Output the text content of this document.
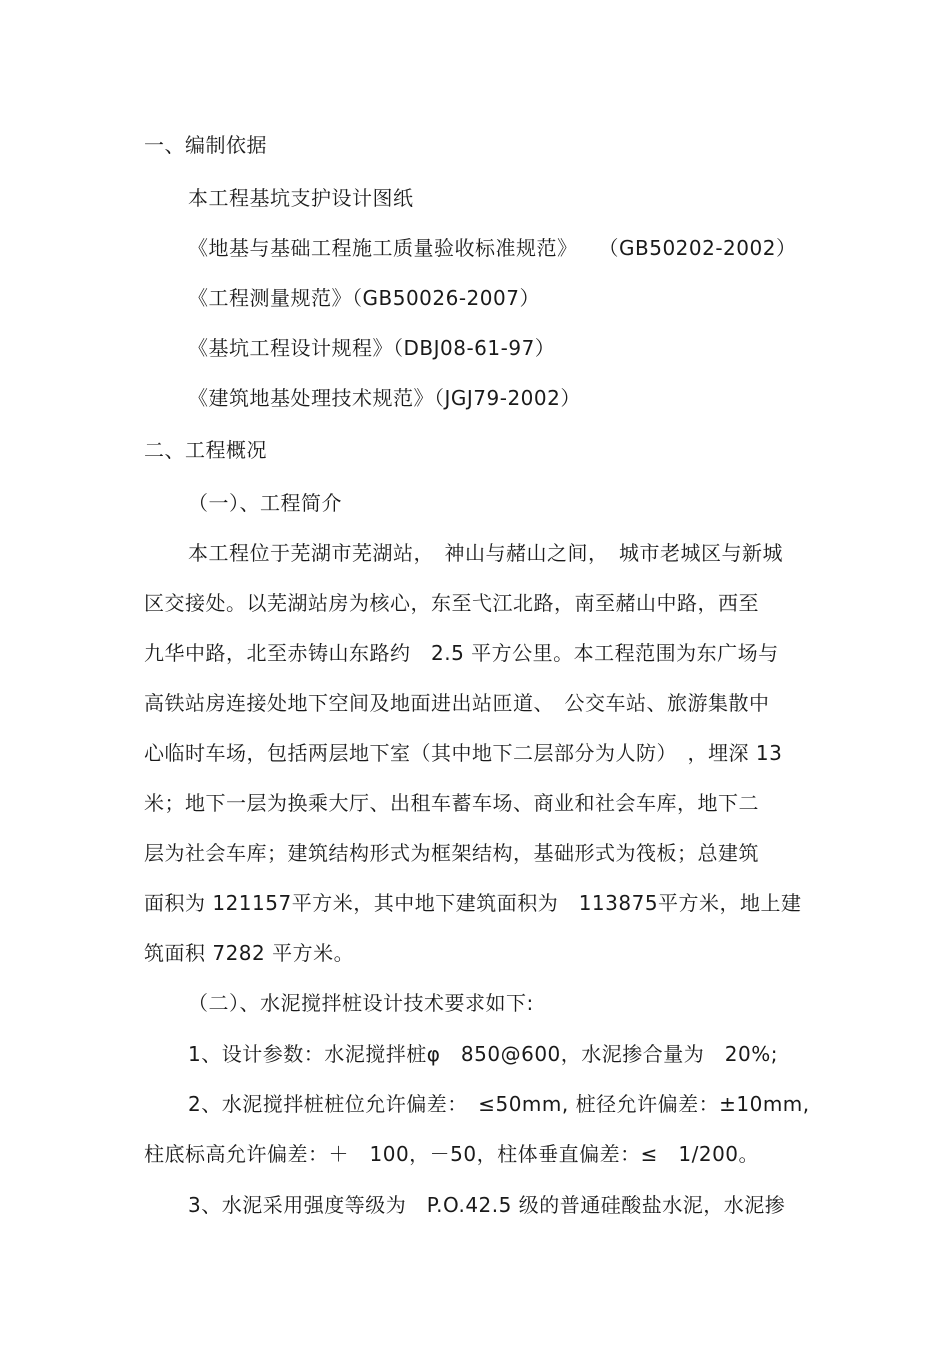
一、编制依据
本工程基坑支护设计图纸
《地基与基础工程施工质量验收标准规范》　　（GB50202-2002）
《工程测量规范》（GB50026-2007）
《基坑工程设计规程》（DBJ08-61-97）
《建筑地基处理技术规范》（JGJ79-2002）
二、工程概况
（一）、工程简介
本工程位于芜湖市芜湖站，　神山与赭山之间，　城市老城区与新城
区交接处。以芜湖站房为核心，东至弋江北路，南至赭山中路，西至
九华中路，北至赤铸山东路约　2.5 平方公里。本工程范围为东广场与
高铁站房连接处地下空间及地面进出站匝道、　公交车站、旅游集散中
心临时车场，包括两层地下室（其中地下二层部分为人防）　，埋深 13
米；地下一层为换乘大厅、出租车蓄车场、商业和社会车库，地下二
层为社会车库；建筑结构形式为框架结构，基础形式为筏板；总建筑
面积为 121157平方米，其中地下建筑面积为　113875平方米，地上建
筑面积 7282 平方米。
（二）、水泥搅拌桩设计技术要求如下:
1、设计参数：水泥搅拌桩φ　850@600，水泥掺合量为　20%;
2、水泥搅拌桩桩位允许偏差：　≤50mm, 桩径允许偏差：±10mm,
柱底标高允许偏差：＋　100，－50，柱体垂直偏差：≤　1/200。
3、水泥采用强度等级为　P.O.42.5 级的普通硅酸盐水泥，水泥掺
